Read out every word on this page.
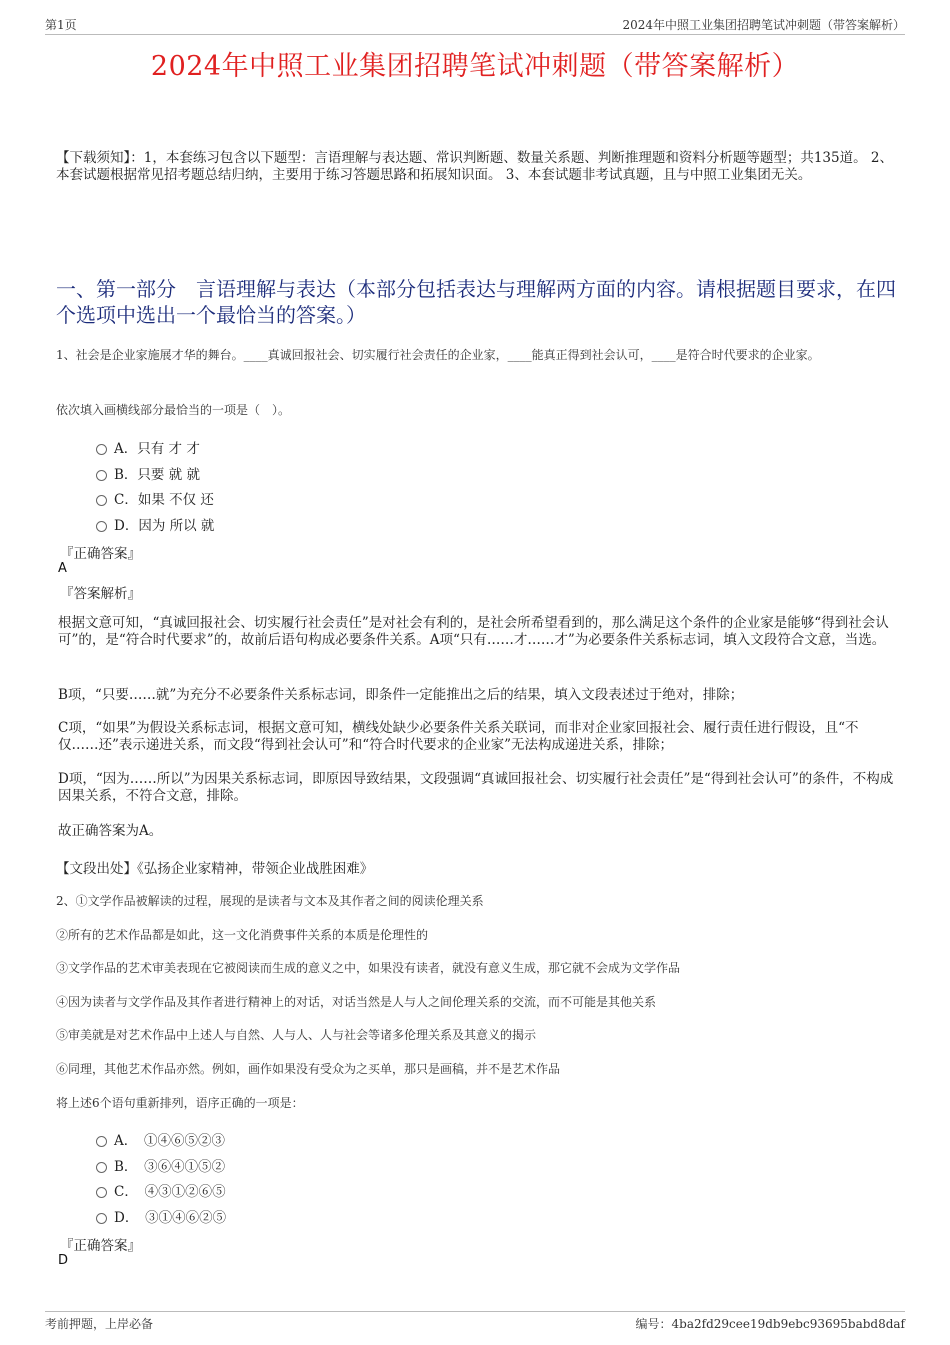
第1页	2024年中照工业集团招聘笔试冲刺题（带答案解析）
2024年中照工业集团招聘笔试冲刺题（带答案解析）
【下载须知】：1，本套练习包含以下题型：言语理解与表达题、常识判断题、数量关系题、判断推理题和资料分析题等题型；共135道。 2、本套试题根据常见招考题总结归纳，主要用于练习答题思路和拓展知识面。 3、本套试题非考试真题，且与中照工业集团无关。
一、第一部分　言语理解与表达（本部分包括表达与理解两方面的内容。请根据题目要求，在四个选项中选出一个最恰当的答案。）
1、社会是企业家施展才华的舞台。____真诚回报社会、切实履行社会责任的企业家，____能真正得到社会认可，____是符合时代要求的企业家。
依次填入画横线部分最恰当的一项是（　）。
A．只有 才 才
B．只要 就 就
C．如果 不仅 还
D．因为 所以 就
『正确答案』
A
『答案解析』
根据文意可知，“真诚回报社会、切实履行社会责任”是对社会有利的，是社会所希望看到的，那么满足这个条件的企业家是能够“得到社会认可”的，是“符合时代要求”的，故前后语句构成必要条件关系。A项“只有……才……才”为必要条件关系标志词，填入文段符合文意，当选。
B项，“只要……就”为充分不必要条件关系标志词，即条件一定能推出之后的结果，填入文段表述过于绝对，排除；
C项，“如果”为假设关系标志词，根据文意可知，横线处缺少必要条件关系关联词，而非对企业家回报社会、履行责任进行假设，且“不仅……还”表示递进关系，而文段“得到社会认可”和“符合时代要求的企业家”无法构成递进关系，排除；
D项，“因为……所以”为因果关系标志词，即原因导致结果，文段强调“真诚回报社会、切实履行社会责任”是“得到社会认可”的条件，不构成因果关系，不符合文意，排除。
故正确答案为A。
【文段出处】《弘扬企业家精神，带领企业战胜困难》
2、①文学作品被解读的过程，展现的是读者与文本及其作者之间的阅读伦理关系
②所有的艺术作品都是如此，这一文化消费事件关系的本质是伦理性的
③文学作品的艺术审美表现在它被阅读而生成的意义之中，如果没有读者，就没有意义生成，那它就不会成为文学作品
④因为读者与文学作品及其作者进行精神上的对话，对话当然是人与人之间伦理关系的交流，而不可能是其他关系
⑤审美就是对艺术作品中上述人与自然、人与人、人与社会等诸多伦理关系及其意义的揭示
⑥同理，其他艺术作品亦然。例如，画作如果没有受众为之买单，那只是画稿，并不是艺术作品
将上述6个语句重新排列，语序正确的一项是：
A．　①④⑥⑤②③
B．　③⑥④①⑤②
C．　④③①②⑥⑤
D．　③①④⑥②⑤
『正确答案』
D
考前押题，上岸必备	编号：4ba2fd29cee19db9ebc93695babd8daf
